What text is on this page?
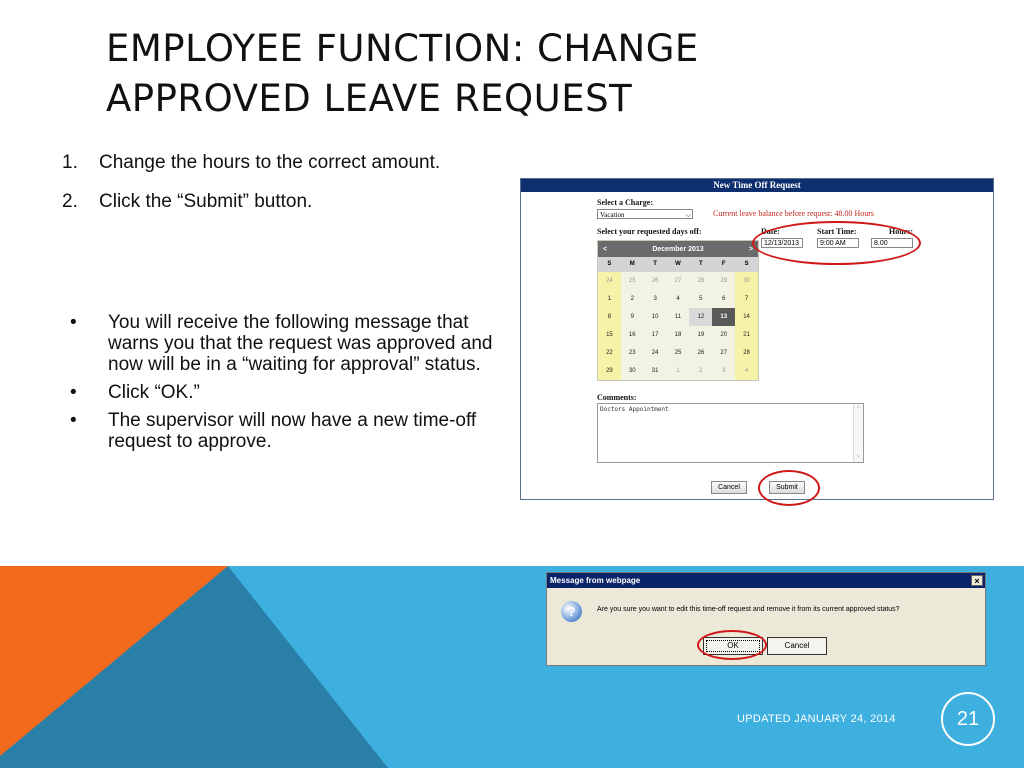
EMPLOYEE FUNCTION: CHANGE
APPROVED LEAVE REQUEST
1. Change the hours to the correct amount.
2. Click the “Submit” button.
• You will receive the following message that warns you that the request was approved and now will be in a “waiting for approval” status.
• Click “OK.”
• The supervisor will now have a new time-off request to approve.
New Time Off Request
Select a Charge:
Vacation	⌵	Current leave balance before request: 48.00 Hours
Select your requested days off:
<	December 2013	>
S	M	T	W	T	F	S
24	25	26	27	28	29	30
1	2	3	4	5	6	7
8	9	10	11	12	13	14
15	16	17	18	19	20	21
22	23	24	25	26	27	28
29	30	31	1	2	3	4
Date:	Start Time:	Hours:
12/13/2013	9:00 AM	8.00
Comments:
Doctors Appointment	˄
˅
Cancel	Submit
Message from webpage	×
?	Are you sure you want to edit this time-off request and remove it from its current approved status?
OK	Cancel
UPDATED JANUARY 24, 2014	21
